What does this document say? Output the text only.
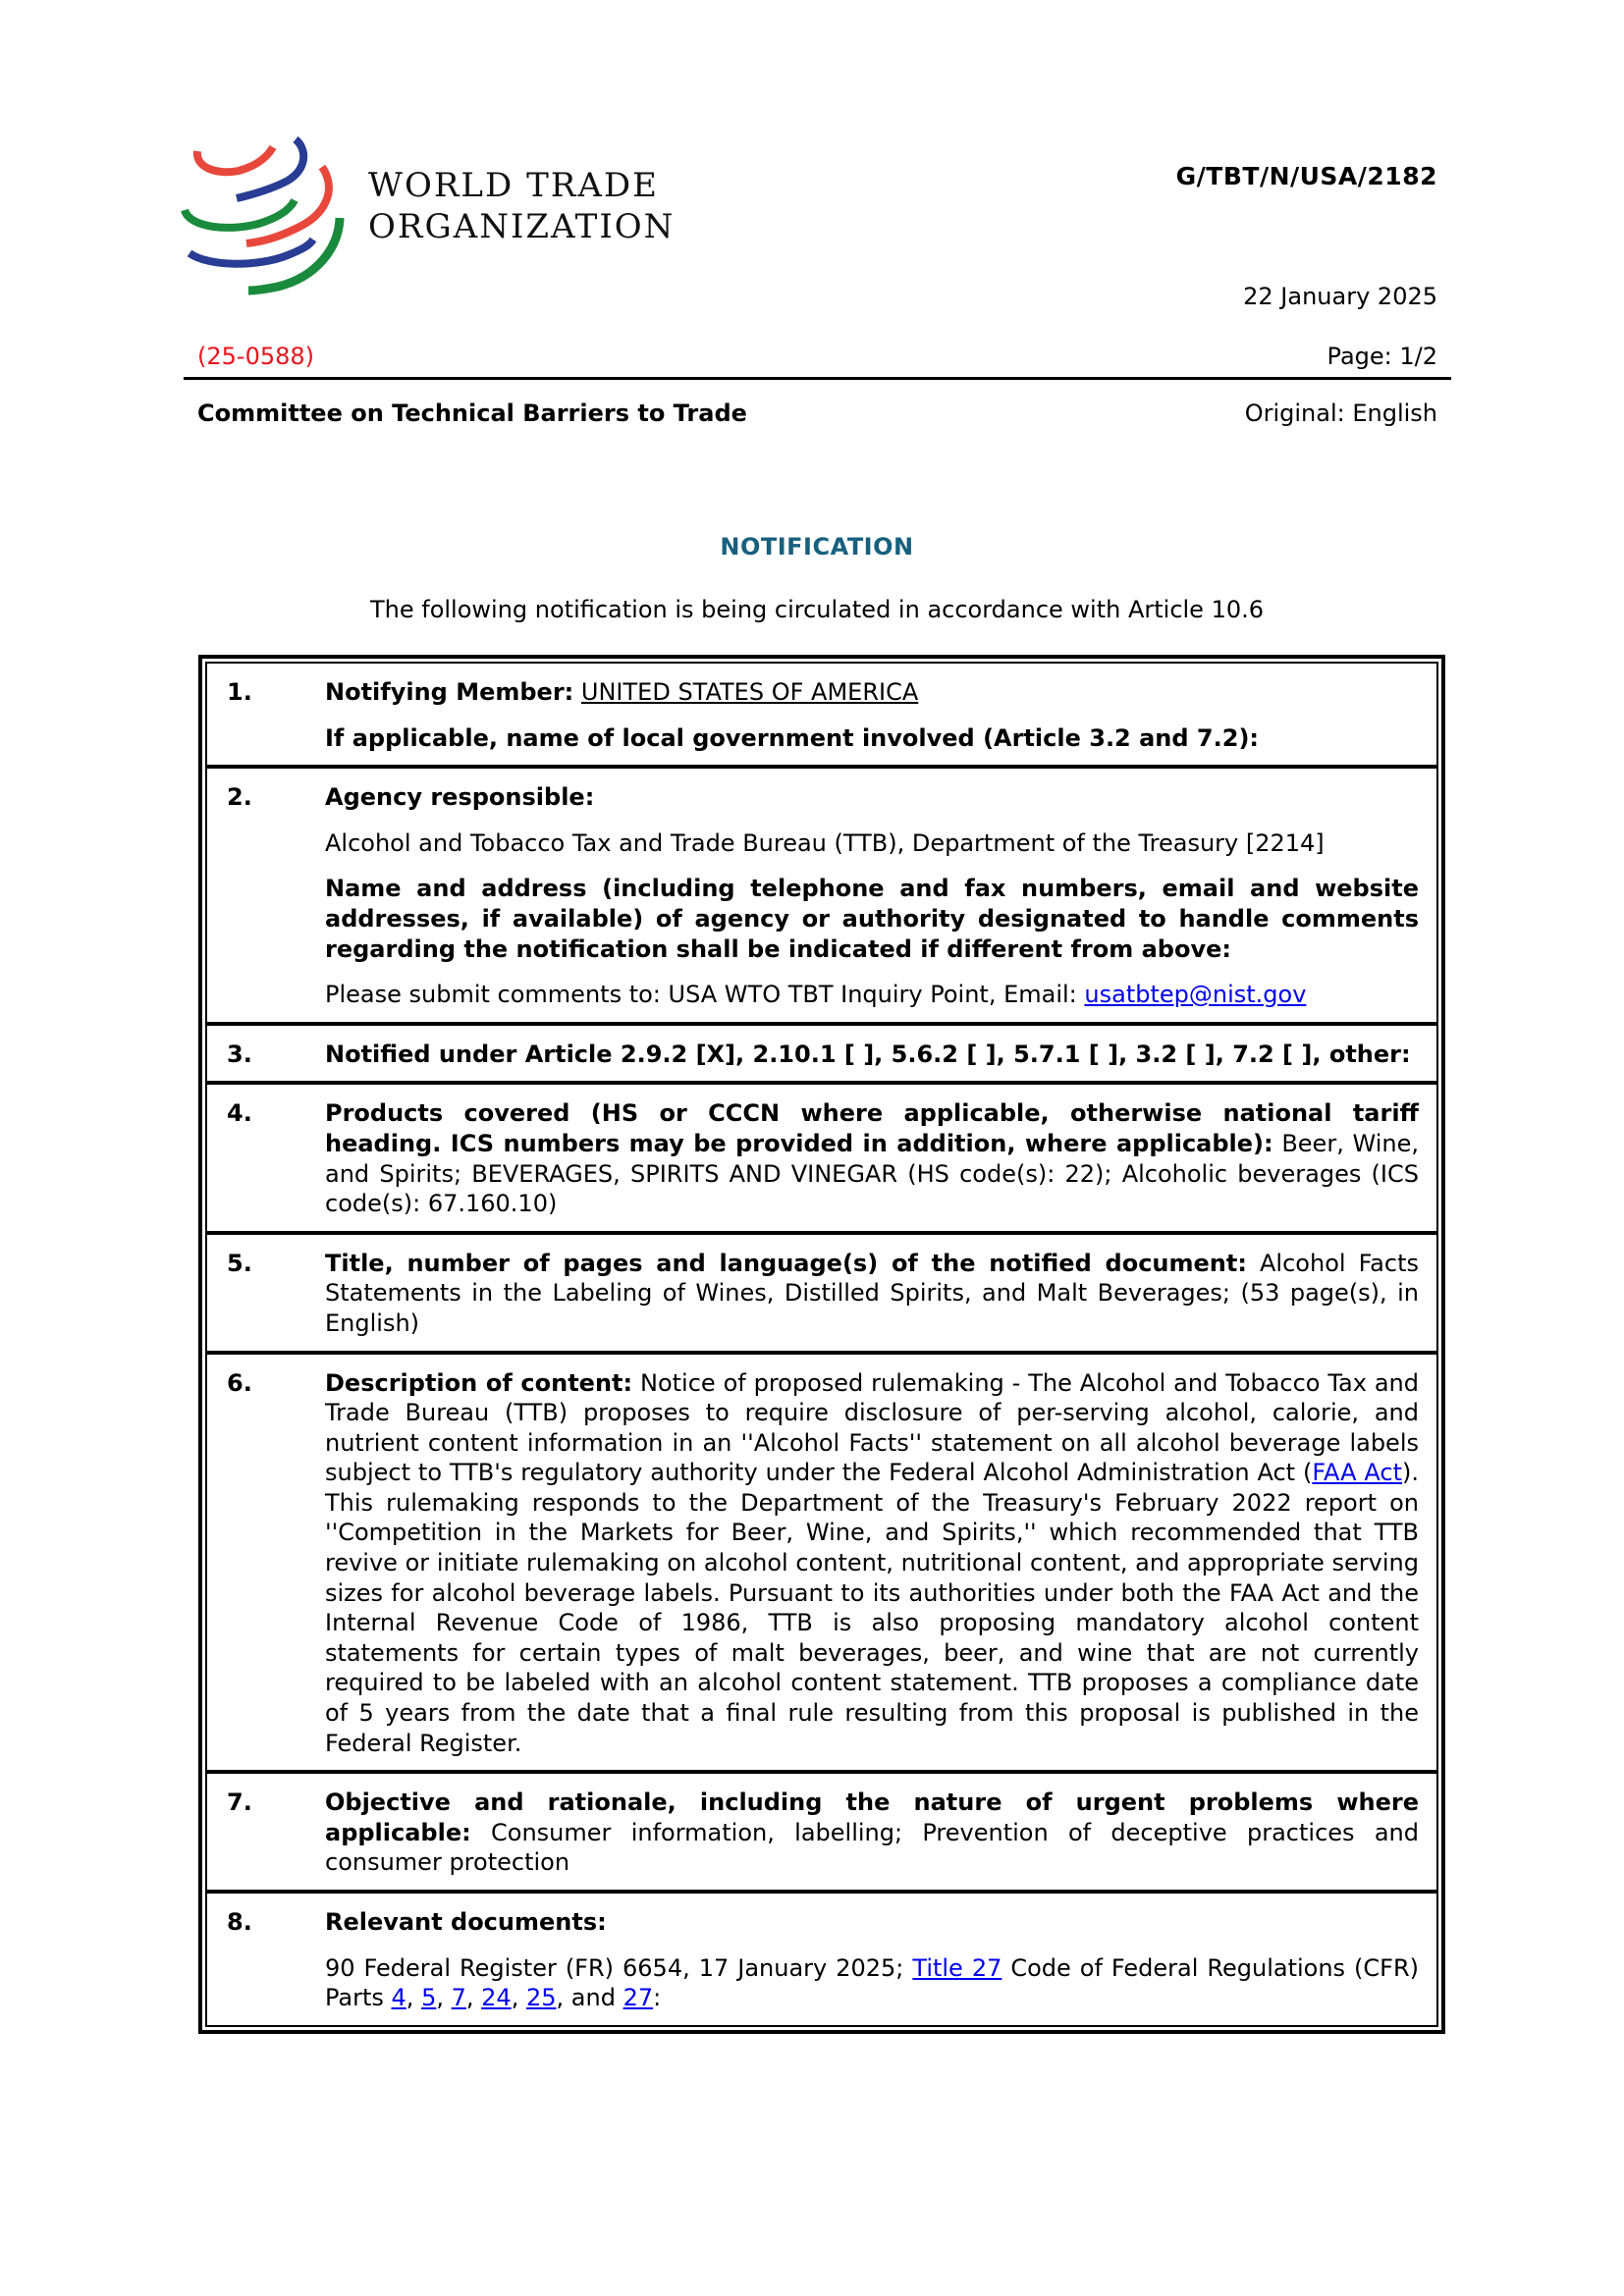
WORLD TRADE
ORGANIZATION
G/TBT/N/USA/2182
22 January 2025
(25-0588)	Page: 1/2
Committee on Technical Barriers to Trade	Original: English
NOTIFICATION
The following notification is being circulated in accordance with Article 10.6
1.	Notifying Member: UNITED STATES OF AMERICA

If applicable, name of local government involved (Article 3.2 and 7.2):

2.	Agency responsible:

Alcohol and Tobacco Tax and Trade Bureau (TTB), Department of the Treasury [2214]

Name and address (including telephone and fax numbers, email and website addresses, if available) of agency or authority designated to handle comments regarding the notification shall be indicated if different from above:

Please submit comments to: USA WTO TBT Inquiry Point, Email: usatbtep@nist.gov

3.	Notified under Article 2.9.2 [X], 2.10.1 [ ], 5.6.2 [ ], 5.7.1 [ ], 3.2 [ ], 7.2 [ ], other:

4.	Products covered (HS or CCCN where applicable, otherwise national tariff heading. ICS numbers may be provided in addition, where applicable): Beer, Wine, and Spirits; BEVERAGES, SPIRITS AND VINEGAR (HS code(s): 22); Alcoholic beverages (ICS code(s): 67.160.10)

5.	Title, number of pages and language(s) of the notified document: Alcohol Facts Statements in the Labeling of Wines, Distilled Spirits, and Malt Beverages; (53 page(s), in English)

6.	Description of content: Notice of proposed rulemaking - The Alcohol and Tobacco Tax and Trade Bureau (TTB) proposes to require disclosure of per-serving alcohol, calorie, and nutrient content information in an ''Alcohol Facts'' statement on all alcohol beverage labels subject to TTB's regulatory authority under the Federal Alcohol Administration Act (FAA Act). This rulemaking responds to the Department of the Treasury's February 2022 report on ''Competition in the Markets for Beer, Wine, and Spirits,'' which recommended that TTB revive or initiate rulemaking on alcohol content, nutritional content, and appropriate serving sizes for alcohol beverage labels. Pursuant to its authorities under both the FAA Act and the Internal Revenue Code of 1986, TTB is also proposing mandatory alcohol content statements for certain types of malt beverages, beer, and wine that are not currently required to be labeled with an alcohol content statement. TTB proposes a compliance date of 5 years from the date that a final rule resulting from this proposal is published in the Federal Register.

7.	Objective and rationale, including the nature of urgent problems where applicable: Consumer information, labelling; Prevention of deceptive practices and consumer protection

8.	Relevant documents:

90 Federal Register (FR) 6654, 17 January 2025; Title 27 Code of Federal Regulations (CFR) Parts 4, 5, 7, 24, 25, and 27:
